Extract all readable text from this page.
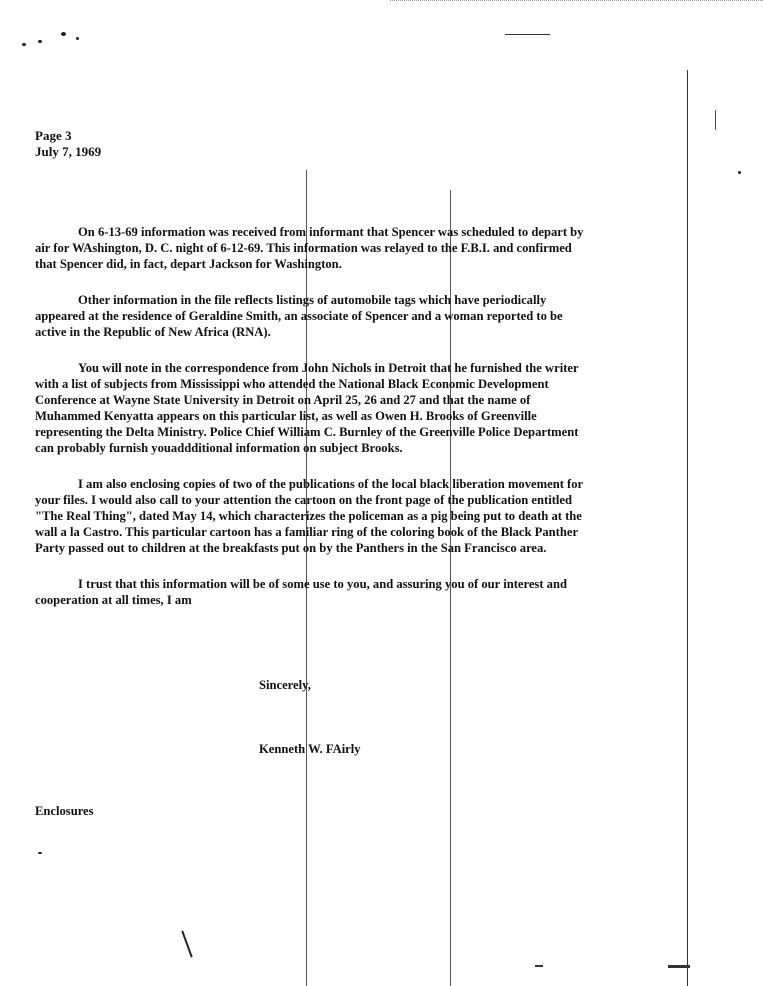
Page 3
July 7, 1969

On 6-13-69 information was received from informant that Spencer was scheduled to depart by air for WAshington, D. C. night of 6-12-69. This information was relayed to the F.B.I. and confirmed that Spencer did, in fact, depart Jackson for Washington.

Other information in the file reflects listings of automobile tags which have periodically appeared at the residence of Geraldine Smith, an associate of Spencer and a woman reported to be active in the Republic of New Africa (RNA).

You will note in the correspondence from John Nichols in Detroit that he furnished the writer with a list of subjects from Mississippi who attended the National Black Economic Development Conference at Wayne State University in Detroit on April 25, 26 and 27 and that the name of Muhammed Kenyatta appears on this particular list, as well as Owen H. Brooks of Greenville representing the Delta Ministry. Police Chief William C. Burnley of the Greenville Police Department can probably furnish youaddditional information on subject Brooks.

I am also enclosing copies of two of the publications of the local black liberation movement for your files. I would also call to your attention the cartoon on the front page of the publication entitled "The Real Thing", dated May 14, which characterizes the policeman as a pig being put to death at the wall a la Castro. This particular cartoon has a familiar ring of the coloring book of the Black Panther Party passed out to children at the breakfasts put on by the Panthers in the San Francisco area.

I trust that this information will be of some use to you, and assuring you of our interest and cooperation at all times, I am

Sincerely,
Kenneth W. FAirly
Enclosures
